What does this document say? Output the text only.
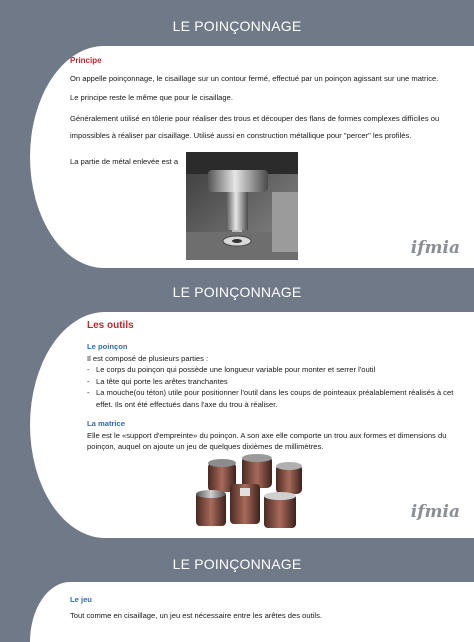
LE POINÇONNAGE
Principe

On appelle poinçonnage, le cisaillage sur un contour fermé, effectué par un poinçon agissant sur une matrice.

Le principe reste le même que pour le cisaillage.

Généralement utilisé en tôlerie pour réaliser des trous et découper des flans de formes complexes difficiles ou impossibles à réaliser par cisaillage. Utilisé aussi en construction métallique pour "percer" les profilés.

La partie de métal enlevée est a

ifmia
LE POINÇONNAGE
Les outils
Le poinçon

Il est composé de plusieurs parties :

- Le corps du poinçon qui possède une longueur variable pour monter et serrer l'outil
- La tête qui porte les arêtes tranchantes
- La mouche(ou téton) utile pour positionner l'outil dans les coups de pointeaux préalablement réalisés à cet effet. Ils ont été effectués dans l'axe du trou à réaliser.
La matrice

Elle est le «support d'empreinte» du poinçon. A son axe elle comporte un trou aux formes et dimensions du poinçon, auquel on ajoute un jeu de quelques dixièmes de millimètres.

ifmia
LE POINÇONNAGE
Le jeu

Tout comme en cisaillage, un jeu est nécessaire entre les arêtes des outils.
